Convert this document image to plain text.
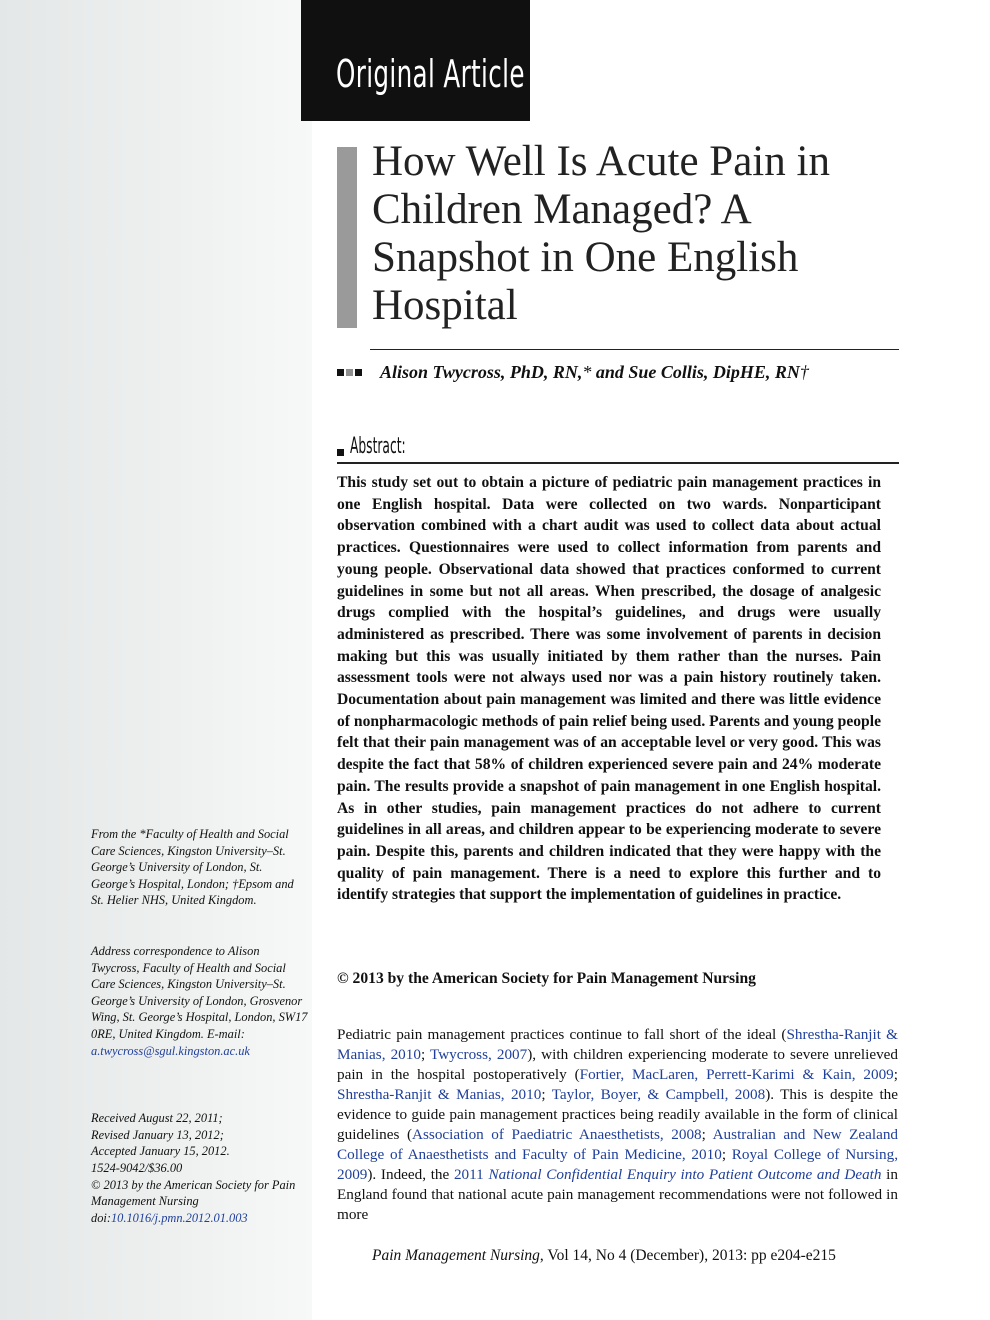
Original Article
How Well Is Acute Pain in Children Managed? A Snapshot in One English Hospital
Alison Twycross, PhD, RN,* and Sue Collis, DipHE, RN†
Abstract:

This study set out to obtain a picture of pediatric pain management practices in one English hospital. Data were collected on two wards. Nonparticipant observation combined with a chart audit was used to collect data about actual practices. Questionnaires were used to collect information from parents and young people. Observational data showed that practices conformed to current guidelines in some but not all areas. When prescribed, the dosage of analgesic drugs complied with the hospital’s guidelines, and drugs were usually administered as prescribed. There was some involvement of parents in decision making but this was usually initiated by them rather than the nurses. Pain assessment tools were not always used nor was a pain history routinely taken. Documentation about pain management was limited and there was little evidence of nonpharmacologic methods of pain relief being used. Parents and young people felt that their pain management was of an acceptable level or very good. This was despite the fact that 58% of children experienced severe pain and 24% moderate pain. The results provide a snapshot of pain management in one English hospital. As in other studies, pain management practices do not adhere to current guidelines in all areas, and children appear to be experiencing moderate to severe pain. Despite this, parents and children indicated that they were happy with the quality of pain management. There is a need to explore this further and to identify strategies that support the implementation of guidelines in practice.

© 2013 by the American Society for Pain Management Nursing

Pediatric pain management practices continue to fall short of the ideal (Shrestha-Ranjit & Manias, 2010; Twycross, 2007), with children experiencing moderate to severe unrelieved pain in the hospital postoperatively (Fortier, MacLaren, Perrett-Karimi & Kain, 2009; Shrestha-Ranjit & Manias, 2010; Taylor, Boyer, & Campbell, 2008). This is despite the evidence to guide pain management practices being readily available in the form of clinical guidelines (Association of Paediatric Anaesthetists, 2008; Australian and New Zealand College of Anaesthetists and Faculty of Pain Medicine, 2010; Royal College of Nursing, 2009). Indeed, the 2011 National Confidential Enquiry into Patient Outcome and Death in England found that national acute pain management recommendations were not followed in more

From the *Faculty of Health and Social Care Sciences, Kingston University–St. George’s University of London, St. George’s Hospital, London; †Epsom and St. Helier NHS, United Kingdom.

Address correspondence to Alison Twycross, Faculty of Health and Social Care Sciences, Kingston University–St. George’s University of London, Grosvenor Wing, St. George’s Hospital, London, SW17 0RE, United Kingdom. E-mail: a.twycross@sgul.kingston.ac.uk

Received August 22, 2011;
Revised January 13, 2012;
Accepted January 15, 2012.

1524-9042/$36.00
© 2013 by the American Society for Pain Management Nursing
doi:10.1016/j.pmn.2012.01.003

Pain Management Nursing, Vol 14, No 4 (December), 2013: pp e204-e215
